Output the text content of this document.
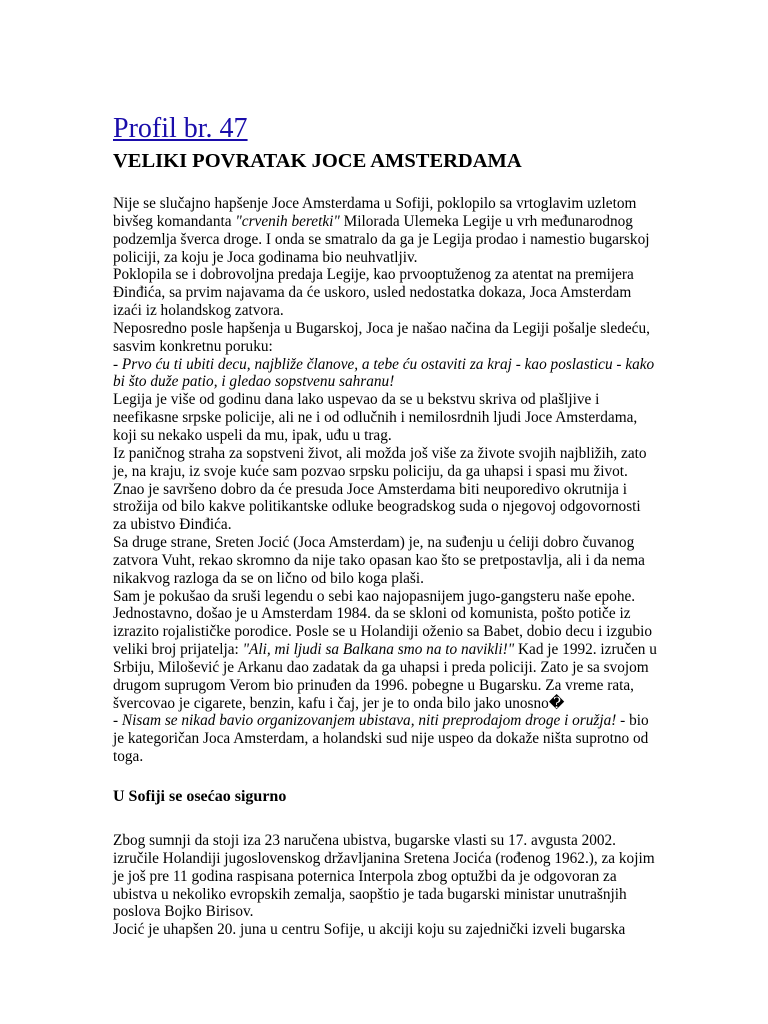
Profil br. 47
VELIKI POVRATAK JOCE AMSTERDAMA

Nije se slučajno hapšenje Joce Amsterdama u Sofiji, poklopilo sa vrtoglavim uzletom bivšeg komandanta "crvenih beretki" Milorada Ulemeka Legije u vrh međunarodnog podzemlja šverca droge. I onda se smatralo da ga je Legija prodao i namestio bugarskoj policiji, za koju je Joca godinama bio neuhvatljiv.

Poklopila se i dobrovoljna predaja Legije, kao prvooptuženog za atentat na premijera Đinđića, sa prvim najavama da će uskoro, usled nedostatka dokaza, Joca Amsterdam izaći iz holandskog zatvora.

Neposredno posle hapšenja u Bugarskoj, Joca je našao načina da Legiji pošalje sledeću, sasvim konkretnu poruku:

- Prvo ću ti ubiti decu, najbliže članove, a tebe ću ostaviti za kraj - kao poslasticu - kako bi što duže patio, i gledao sopstvenu sahranu!

Legija je više od godinu dana lako uspevao da se u bekstvu skriva od plašljive i neefikasne srpske policije, ali ne i od odlučnih i nemilosrdnih ljudi Joce Amsterdama, koji su nekako uspeli da mu, ipak, uđu u trag.

Iz paničnog straha za sopstveni život, ali možda još više za živote svojih najbližih, zato je, na kraju, iz svoje kuće sam pozvao srpsku policiju, da ga uhapsi i spasi mu život. Znao je savršeno dobro da će presuda Joce Amsterdama biti neuporedivo okrutnija i strožija od bilo kakve politikantske odluke beogradskog suda o njegovoj odgovornosti za ubistvo Đinđića.

Sa druge strane, Sreten Jocić (Joca Amsterdam) je, na suđenju u ćeliji dobro čuvanog zatvora Vuht, rekao skromno da nije tako opasan kao što se pretpostavlja, ali i da nema nikakvog razloga da se on lično od bilo koga plaši.

Sam je pokušao da sruši legendu o sebi kao najopasnijem jugo-gangsteru naše epohe. Jednostavno, došao je u Amsterdam 1984. da se skloni od komunista, pošto potiče iz izrazito rojalističke porodice. Posle se u Holandiji oženio sa Babet, dobio decu i izgubio veliki broj prijatelja: "Ali, mi ljudi sa Balkana smo na to navikli!" Kad je 1992. izručen u Srbiju, Milošević je Arkanu dao zadatak da ga uhapsi i preda policiji. Zato je sa svojom drugom suprugom Verom bio prinuđen da 1996. pobegne u Bugarsku. Za vreme rata, švercovao je cigarete, benzin, kafu i čaj, jer je to onda bilo jako unosno�

- Nisam se nikad bavio organizovanjem ubistava, niti preprodajom droge i oružja! - bio je kategoričan Joca Amsterdam, a holandski sud nije uspeo da dokaže ništa suprotno od toga.

U Sofiji se osećao sigurno

Zbog sumnji da stoji iza 23 naručena ubistva, bugarske vlasti su 17. avgusta 2002. izručile Holandiji jugoslovenskog državljanina Sretena Jocića (rođenog 1962.), za kojim je još pre 11 godina raspisana poternica Interpola zbog optužbi da je odgovoran za ubistva u nekoliko evropskih zemalja, saopštio je tada bugarski ministar unutrašnjih poslova Bojko Birisov.

Jocić je uhapšen 20. juna u centru Sofije, u akciji koju su zajednički izveli bugarska
